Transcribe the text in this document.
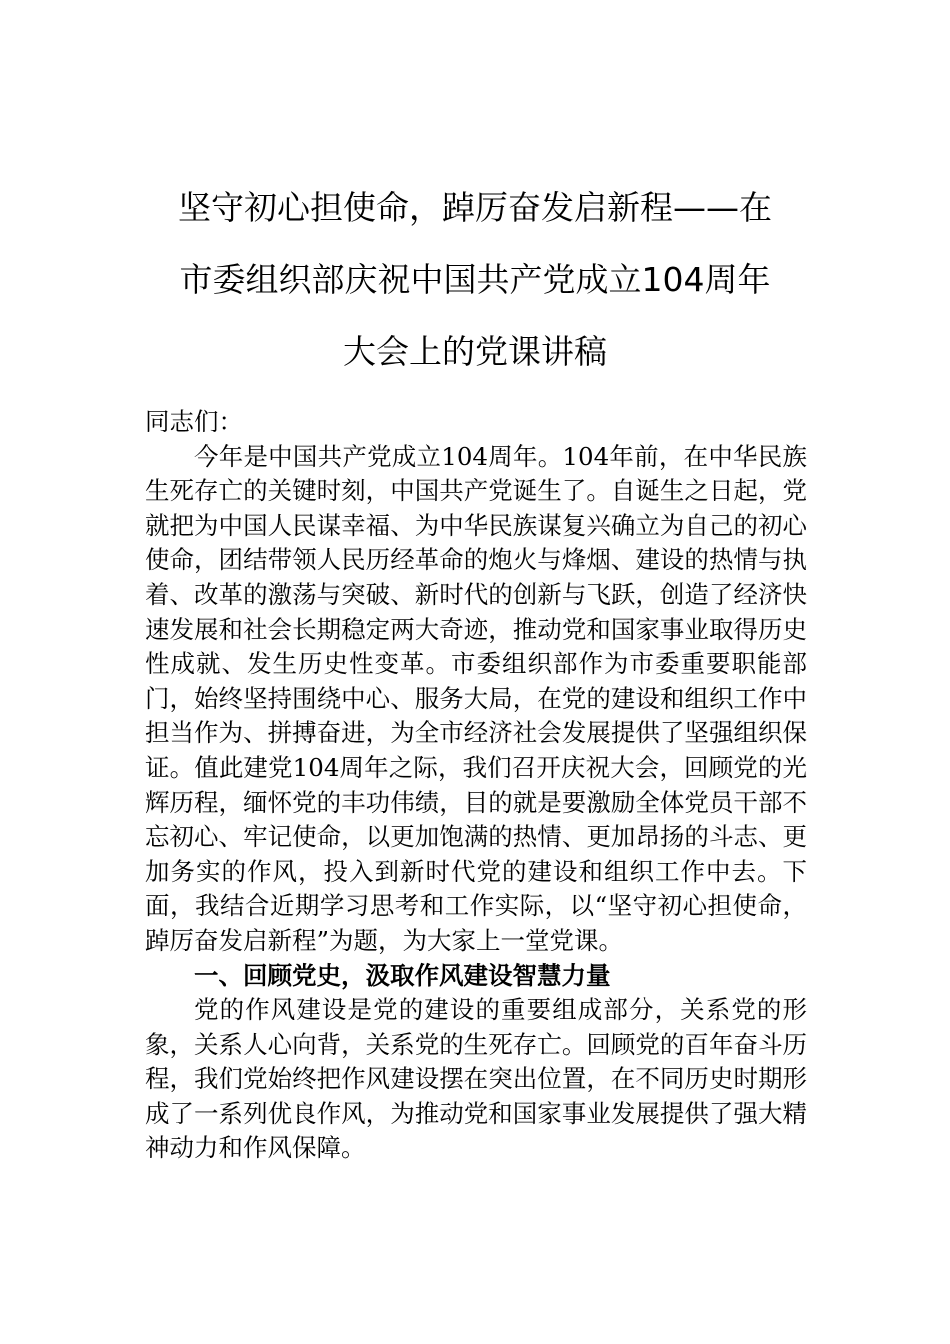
坚守初心担使命，踔厉奋发启新程——在
市委组织部庆祝中国共产党成立104周年
大会上的党课讲稿

同志们：

今年是中国共产党成立104周年。104年前，在中华民族生死存亡的关键时刻，中国共产党诞生了。自诞生之日起，党就把为中国人民谋幸福、为中华民族谋复兴确立为自己的初心使命，团结带领人民历经革命的炮火与烽烟、建设的热情与执着、改革的激荡与突破、新时代的创新与飞跃，创造了经济快速发展和社会长期稳定两大奇迹，推动党和国家事业取得历史性成就、发生历史性变革。市委组织部作为市委重要职能部门，始终坚持围绕中心、服务大局，在党的建设和组织工作中担当作为、拼搏奋进，为全市经济社会发展提供了坚强组织保证。值此建党104周年之际，我们召开庆祝大会，回顾党的光辉历程，缅怀党的丰功伟绩，目的就是要激励全体党员干部不忘初心、牢记使命，以更加饱满的热情、更加昂扬的斗志、更加务实的作风，投入到新时代党的建设和组织工作中去。下面，我结合近期学习思考和工作实际，以“坚守初心担使命，踔厉奋发启新程”为题，为大家上一堂党课。

一、回顾党史，汲取作风建设智慧力量

党的作风建设是党的建设的重要组成部分，关系党的形象，关系人心向背，关系党的生死存亡。回顾党的百年奋斗历程，我们党始终把作风建设摆在突出位置，在不同历史时期形成了一系列优良作风，为推动党和国家事业发展提供了强大精神动力和作风保障。
